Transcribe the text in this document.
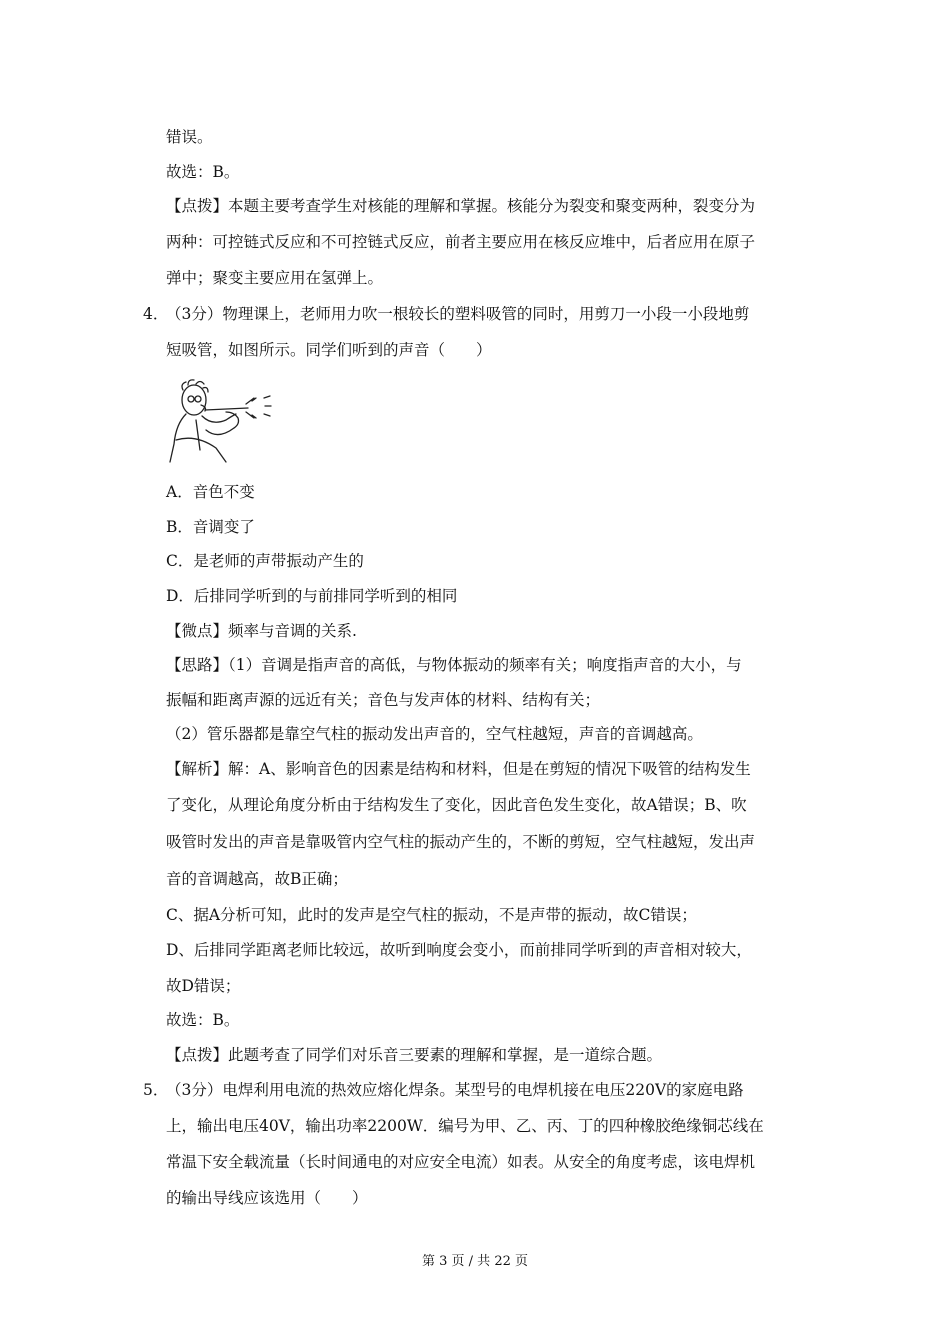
错误。
故选：B。
【点拨】本题主要考查学生对核能的理解和掌握。核能分为裂变和聚变两种，裂变分为
两种：可控链式反应和不可控链式反应，前者主要应用在核反应堆中，后者应用在原子
弹中；聚变主要应用在氢弹上。
4．
（3分）物理课上，老师用力吹一根较长的塑料吸管的同时，用剪刀一小段一小段地剪
短吸管，如图所示。同学们听到的声音（　　）
A．音色不变
B．音调变了
C．是老师的声带振动产生的
D．后排同学听到的与前排同学听到的相同
【微点】频率与音调的关系.
【思路】（1）音调是指声音的高低，与物体振动的频率有关；响度指声音的大小，与
振幅和距离声源的远近有关；音色与发声体的材料、结构有关；
（2）管乐器都是靠空气柱的振动发出声音的，空气柱越短，声音的音调越高。
【解析】解：A、影响音色的因素是结构和材料，但是在剪短的情况下吸管的结构发生
了变化，从理论角度分析由于结构发生了变化，因此音色发生变化，故A错误；B、吹
吸管时发出的声音是靠吸管内空气柱的振动产生的，不断的剪短，空气柱越短，发出声
音的音调越高，故B正确；
C、据A分析可知，此时的发声是空气柱的振动，不是声带的振动，故C错误；
D、后排同学距离老师比较远，故听到响度会变小，而前排同学听到的声音相对较大，
故D错误；
故选：B。
【点拨】此题考查了同学们对乐音三要素的理解和掌握，是一道综合题。
5．
（3分）电焊利用电流的热效应熔化焊条。某型号的电焊机接在电压220V的家庭电路
上，输出电压40V，输出功率2200W．编号为甲、乙、丙、丁的四种橡胶绝缘铜芯线在
常温下安全载流量（长时间通电的对应安全电流）如表。从安全的角度考虑，该电焊机
的输出导线应该选用（　　）
第 3 页 / 共 22 页
